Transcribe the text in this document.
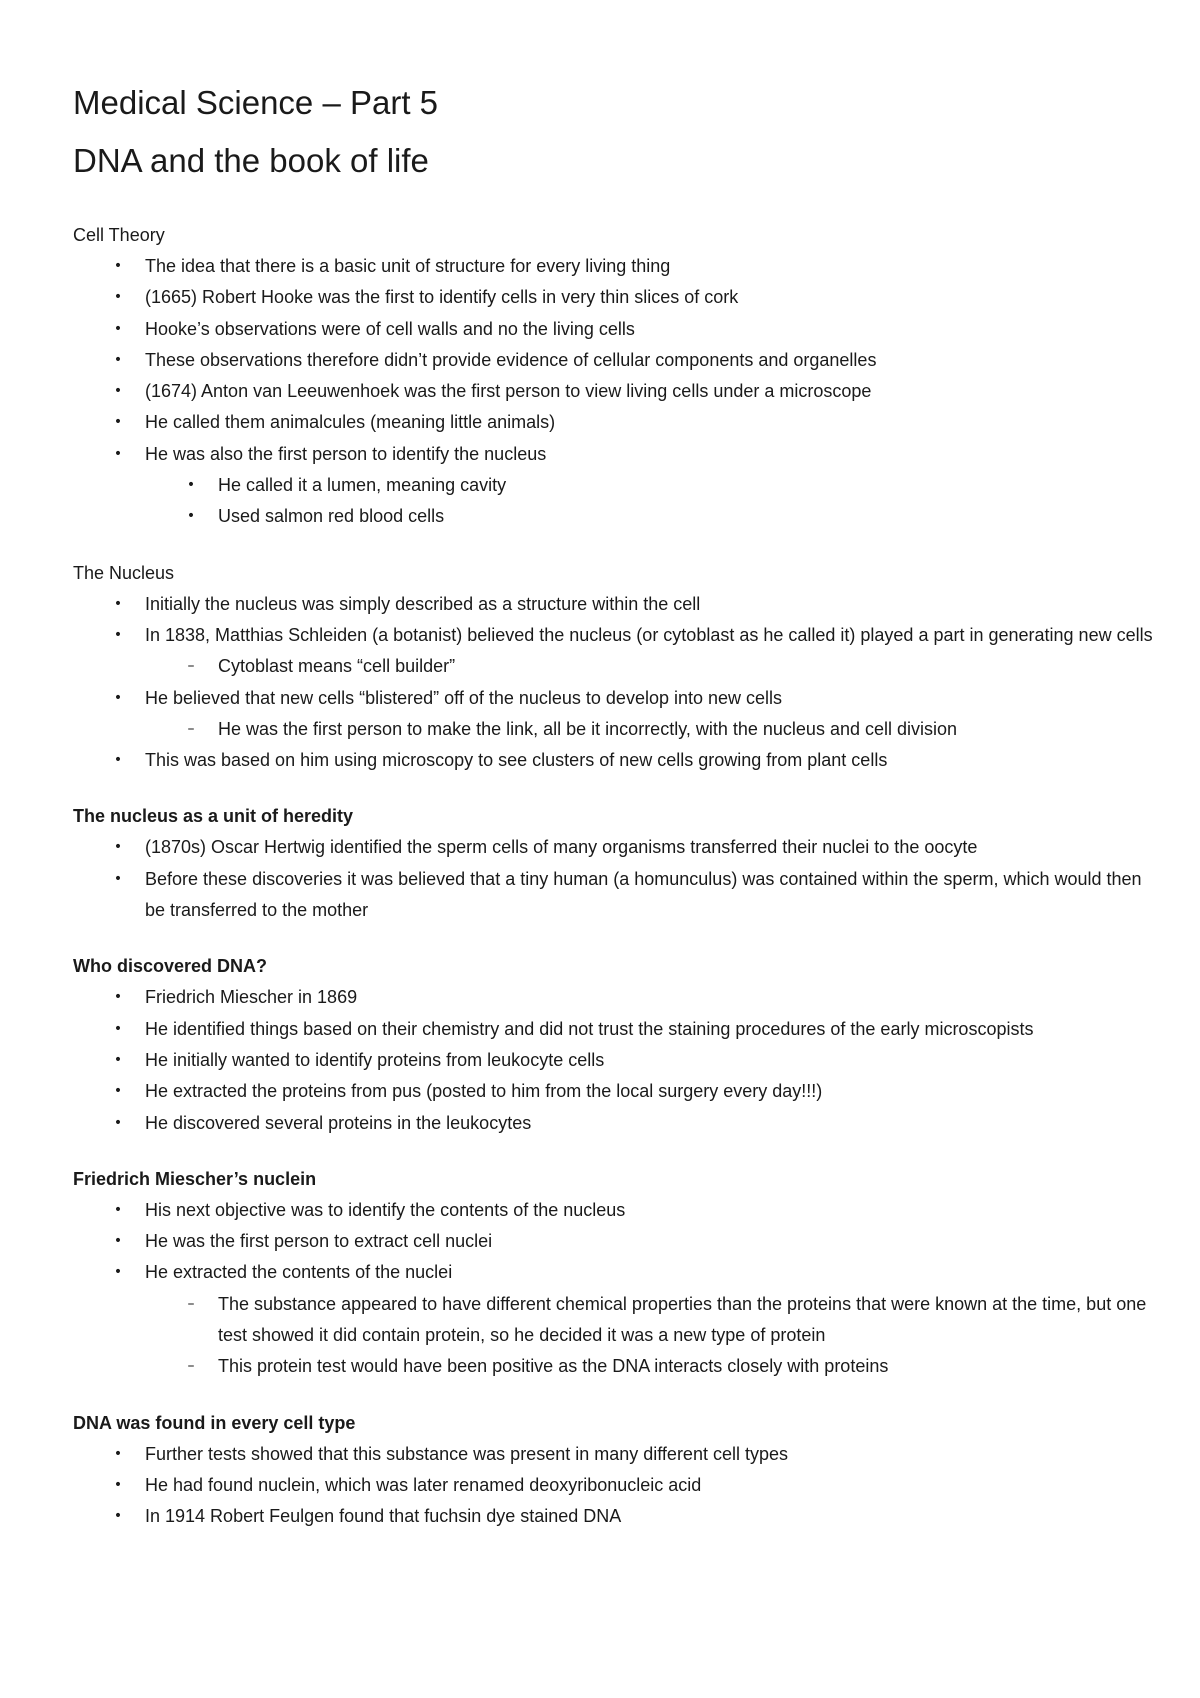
Medical Science – Part 5
DNA and the book of life
Cell Theory
•	The idea that there is a basic unit of structure for every living thing
•	(1665) Robert Hooke was the first to identify cells in very thin slices of cork
•	Hooke’s observations were of cell walls and no the living cells
•	These observations therefore didn’t provide evidence of cellular components and organelles
•	(1674) Anton van Leeuwenhoek was the first person to view living cells under a microscope
•	He called them animalcules (meaning little animals)
•	He was also the first person to identify the nucleus
•	He called it a lumen, meaning cavity
•	Used salmon red blood cells
The Nucleus
•	Initially the nucleus was simply described as a structure within the cell
•	In 1838, Matthias Schleiden (a botanist) believed the nucleus (or cytoblast as he called it) played a part in generating new cells
–	Cytoblast means “cell builder”
•	He believed that new cells “blistered” off of the nucleus to develop into new cells
–	He was the first person to make the link, all be it incorrectly, with the nucleus and cell division
•	This was based on him using microscopy to see clusters of new cells growing from plant cells
The nucleus as a unit of heredity
•	(1870s) Oscar Hertwig identified the sperm cells of many organisms transferred their nuclei to the oocyte
•	Before these discoveries it was believed that a tiny human (a homunculus) was contained within the sperm, which would then be transferred to the mother
Who discovered DNA?
•	Friedrich Miescher in 1869
•	He identified things based on their chemistry and did not trust the staining procedures of the early microscopists
•	He initially wanted to identify proteins from leukocyte cells
•	He extracted the proteins from pus (posted to him from the local surgery every day!!!)
•	He discovered several proteins in the leukocytes
Friedrich Miescher’s nuclein
•	His next objective was to identify the contents of the nucleus
•	He was the first person to extract cell nuclei
•	He extracted the contents of the nuclei
–	The substance appeared to have different chemical properties than the proteins that were known at the time, but one test showed it did contain protein, so he decided it was a new type of protein
–	This protein test would have been positive as the DNA interacts closely with proteins
DNA was found in every cell type
•	Further tests showed that this substance was present in many different cell types
•	He had found nuclein, which was later renamed deoxyribonucleic acid
•	In 1914 Robert Feulgen found that fuchsin dye stained DNA
